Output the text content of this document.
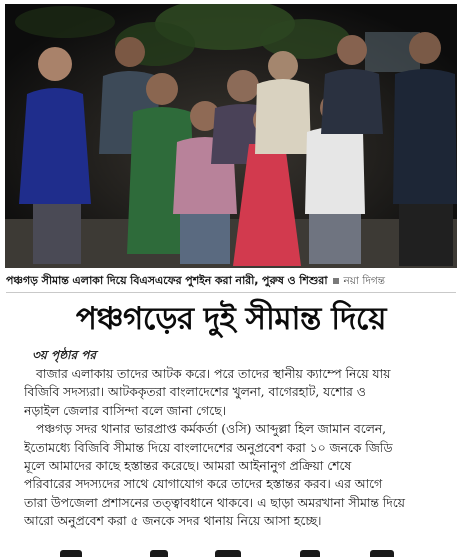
পঞ্চগড় সীমান্ত এলাকা দিয়ে বিএসএফের পুশইন করা নারী, পুরুষ ও শিশুরা নয়া দিগন্ত
পঞ্চগড়ের দুই সীমান্ত দিয়ে
৩য় পৃষ্ঠার পর
বাজার এলাকায় তাদের আটক করে। পরে তাদের স্থানীয় ক্যাম্পে নিয়ে যায়
বিজিবি সদস্যরা। আটককৃতরা বাংলাদেশের খুলনা, বাগেরহাট, যশোর ও
নড়াইল জেলার বাসিন্দা বলে জানা গেছে।
পঞ্চগড় সদর থানার ভারপ্রাপ্ত কর্মকর্তা (ওসি) আব্দুল্লা হিল জামান বলেন,
ইতোমধ্যে বিজিবি সীমান্ত দিয়ে বাংলাদেশের অনুপ্রবেশ করা ১০ জনকে জিডি
মূলে আমাদের কাছে হস্তান্তর করেছে। আমরা আইনানুগ প্রক্রিয়া শেষে
পরিবারের সদস্যদের সাথে যোগাযোগ করে তাদের হস্তান্তর করব। এর আগে
তারা উপজেলা প্রশাসনের তত্ত্বাবধানে থাকবে। এ ছাড়া অমরখানা সীমান্ত দিয়ে
আরো অনুপ্রবেশ করা ৫ জনকে সদর থানায় নিয়ে আসা হচ্ছে।
